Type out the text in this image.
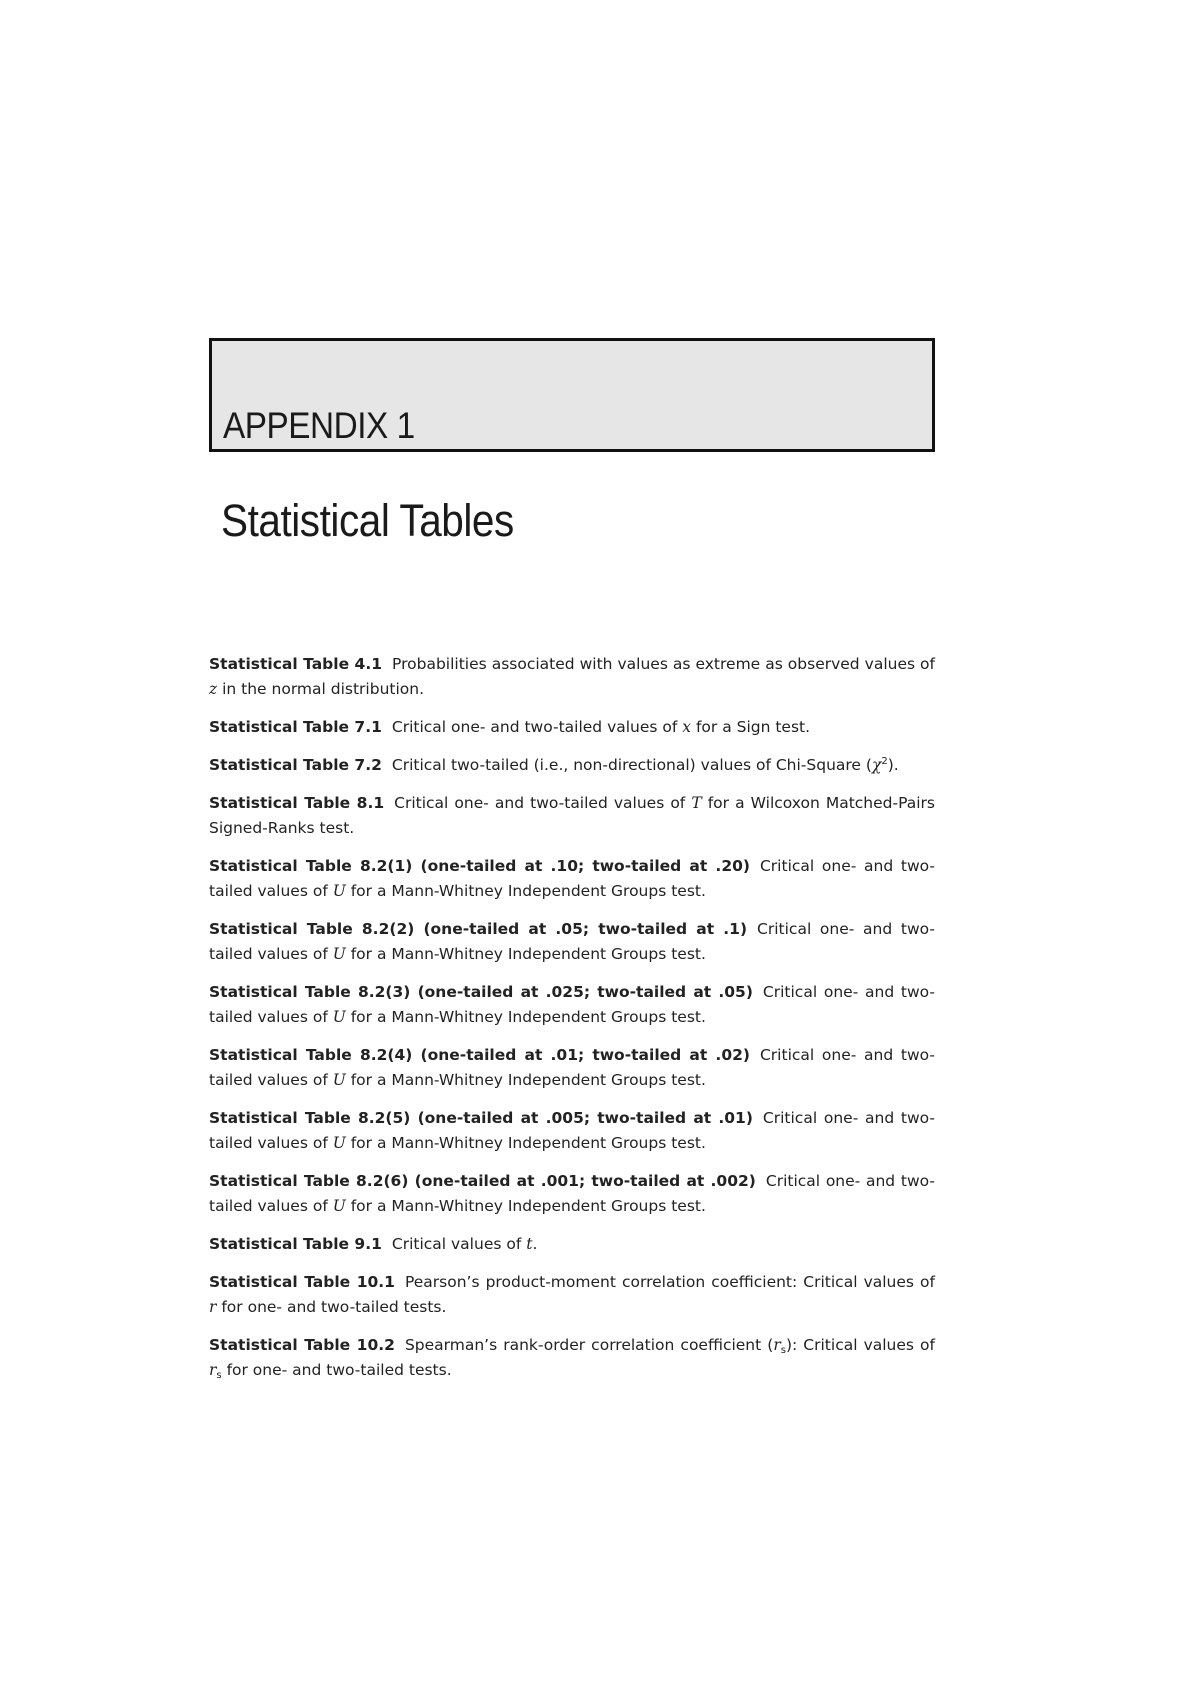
APPENDIX 1
Statistical Tables

Statistical Table 4.1 Probabilities associated with values as extreme as observed values of z in the normal distribution.

Statistical Table 7.1 Critical one- and two-tailed values of x for a Sign test.

Statistical Table 7.2 Critical two-tailed (i.e., non-directional) values of Chi-Square $(\chi^2)$.

Statistical Table 8.1 Critical one- and two-tailed values of T for a Wilcoxon Matched-Pairs Signed-Ranks test.

Statistical Table 8.2(1) (one-tailed at .10; two-tailed at .20) Critical one- and two-tailed values of U for a Mann-Whitney Independent Groups test.

Statistical Table 8.2(2) (one-tailed at .05; two-tailed at .1) Critical one- and two-tailed values of U for a Mann-Whitney Independent Groups test.

Statistical Table 8.2(3) (one-tailed at .025; two-tailed at .05) Critical one- and two-tailed values of U for a Mann-Whitney Independent Groups test.

Statistical Table 8.2(4) (one-tailed at .01; two-tailed at .02) Critical one- and two-tailed values of U for a Mann-Whitney Independent Groups test.

Statistical Table 8.2(5) (one-tailed at .005; two-tailed at .01) Critical one- and two-tailed values of U for a Mann-Whitney Independent Groups test.

Statistical Table 8.2(6) (one-tailed at .001; two-tailed at .002) Critical one- and two-tailed values of U for a Mann-Whitney Independent Groups test.

Statistical Table 9.1 Critical values of t.

Statistical Table 10.1 Pearson’s product-moment correlation coefficient: Critical values of r for one- and two-tailed tests.

Statistical Table 10.2 Spearman’s rank-order correlation coefficient $(r_s)$: Critical values of $r_s$ for one- and two-tailed tests.
